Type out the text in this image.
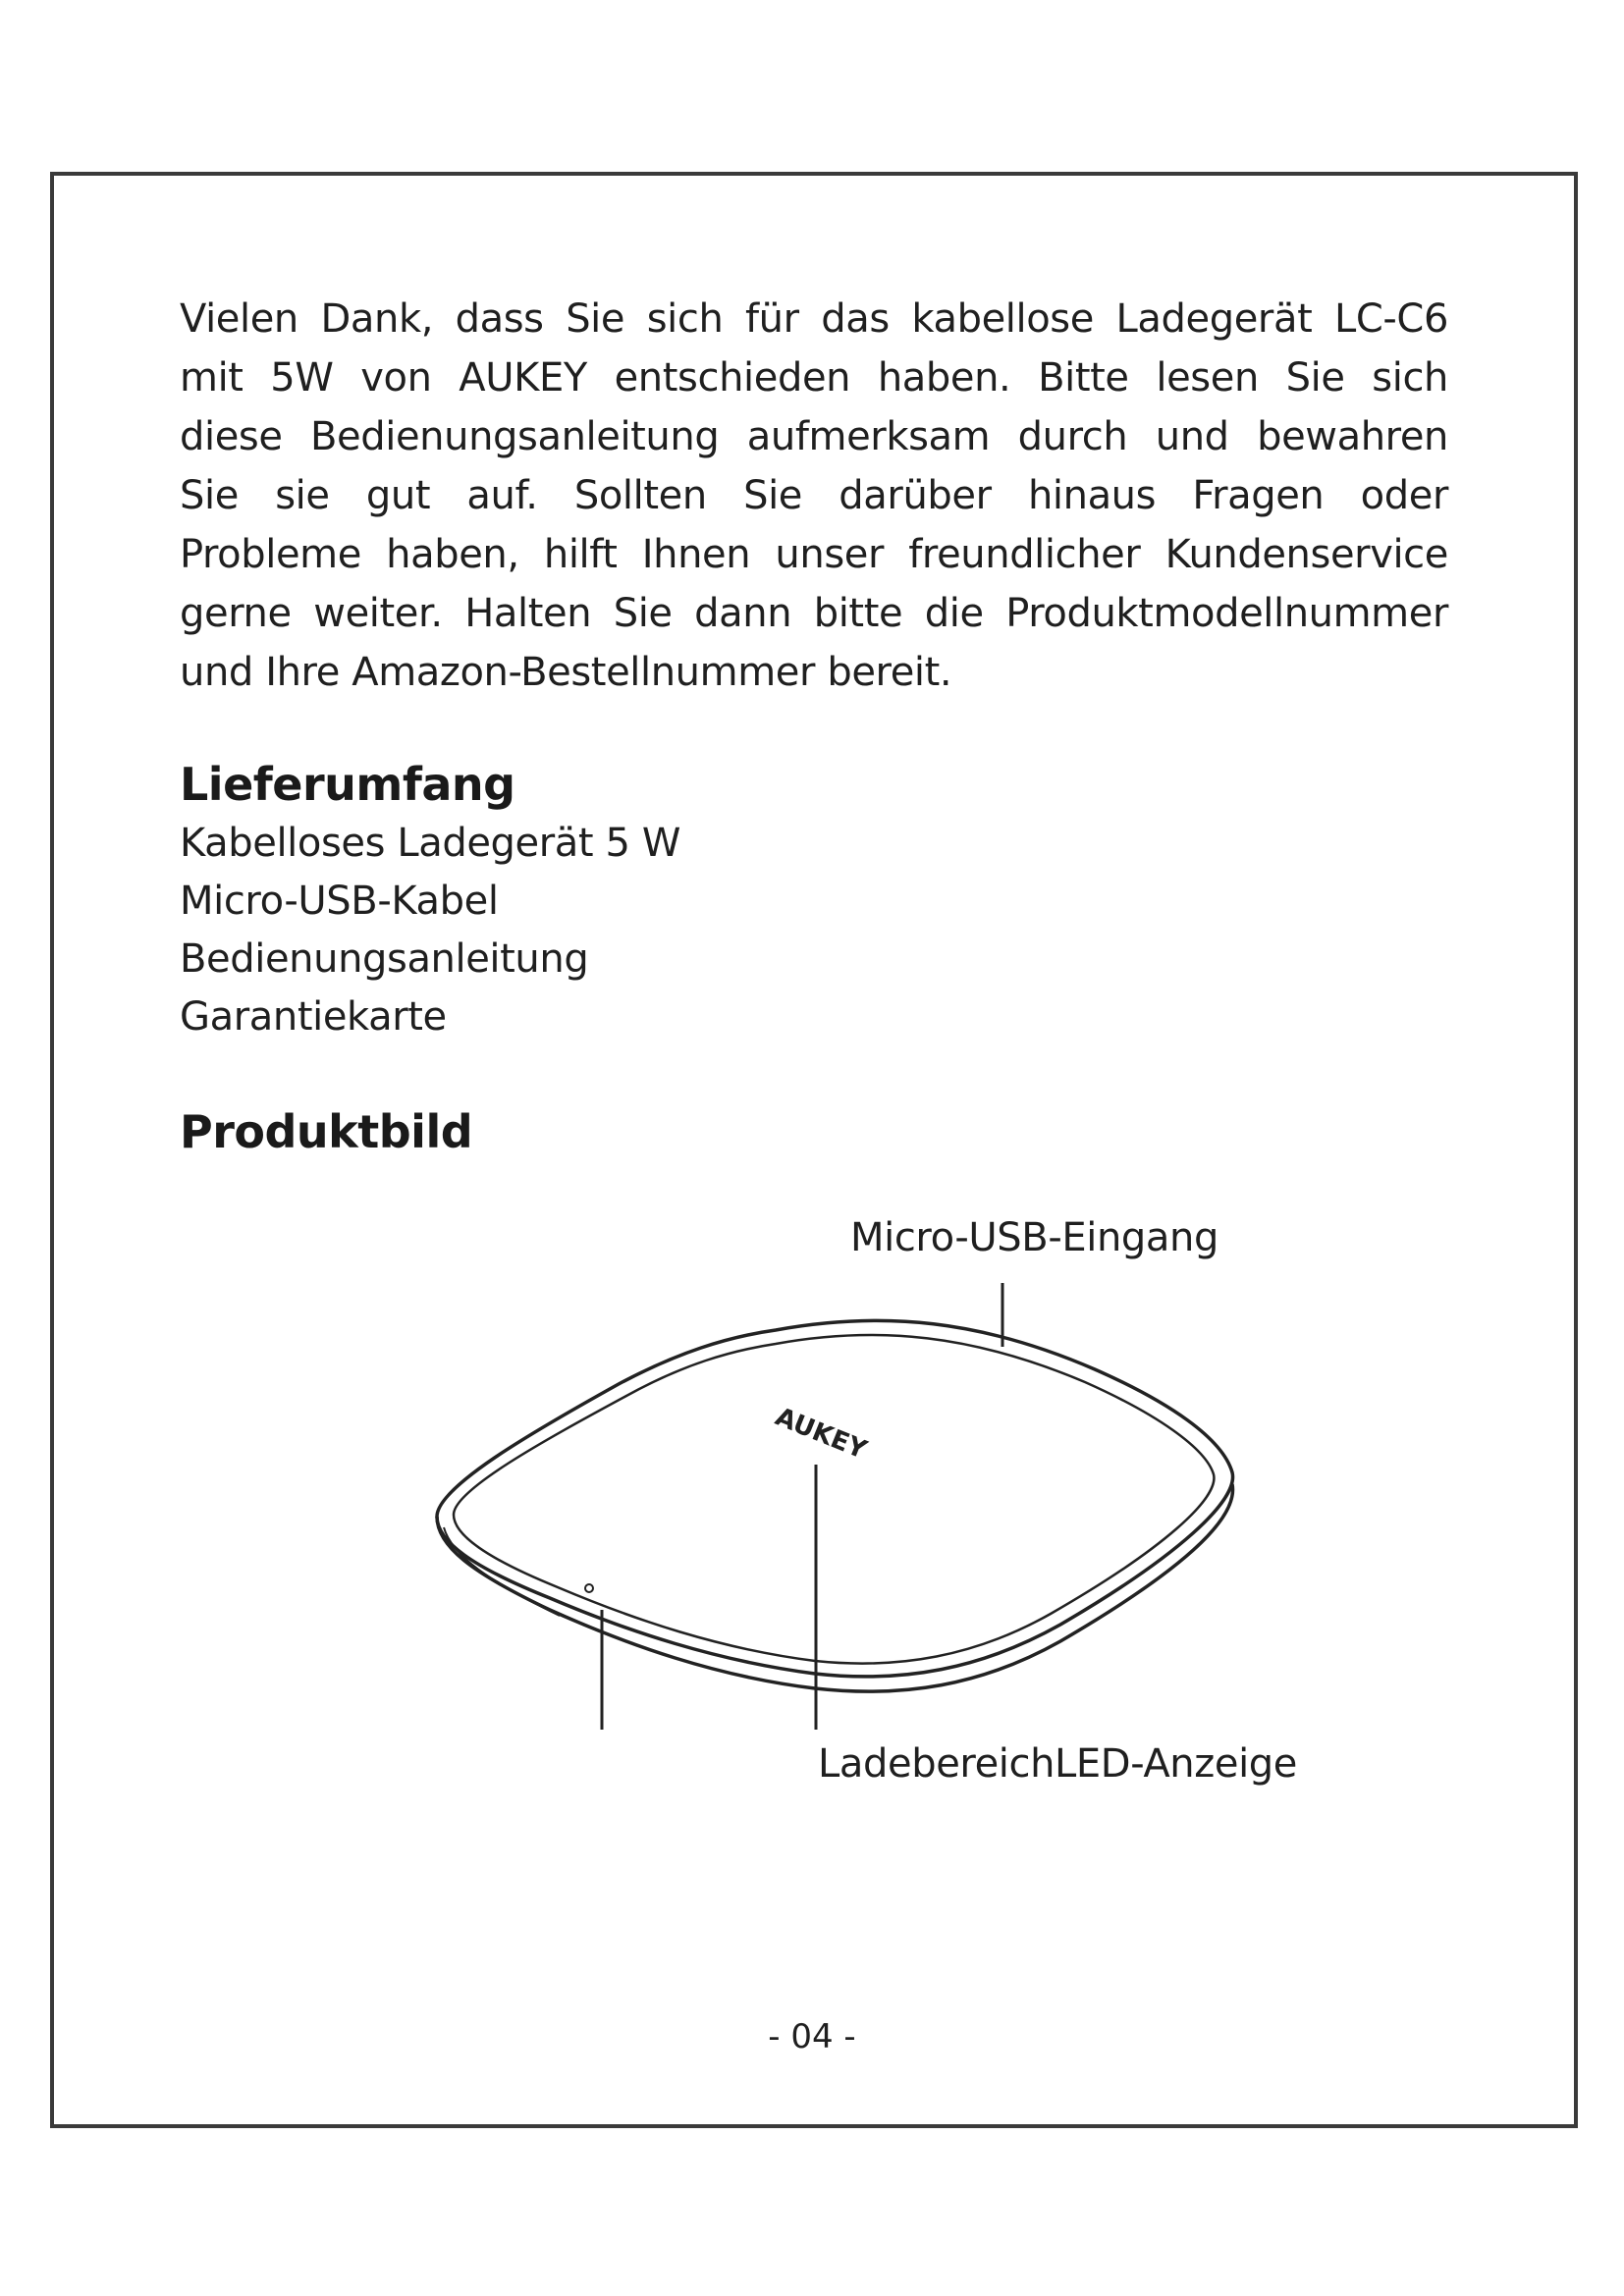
Vielen Dank, dass Sie sich für das kabellose Ladegerät LC-C6
mit 5W von AUKEY entschieden haben. Bitte lesen Sie sich
diese Bedienungsanleitung aufmerksam durch und bewahren
Sie sie gut auf. Sollten Sie darüber hinaus Fragen oder
Probleme haben, hilft Ihnen unser freundlicher Kundenservice
gerne weiter. Halten Sie dann bitte die Produktmodellnummer
und Ihre Amazon-Bestellnummer bereit.
Lieferumfang
Kabelloses Ladegerät 5 W
Micro-USB-Kabel
Bedienungsanleitung
Garantiekarte
Produktbild
Micro-USB-Eingang
AUKEY
LadebereichLED-Anzeige
- 04 -
